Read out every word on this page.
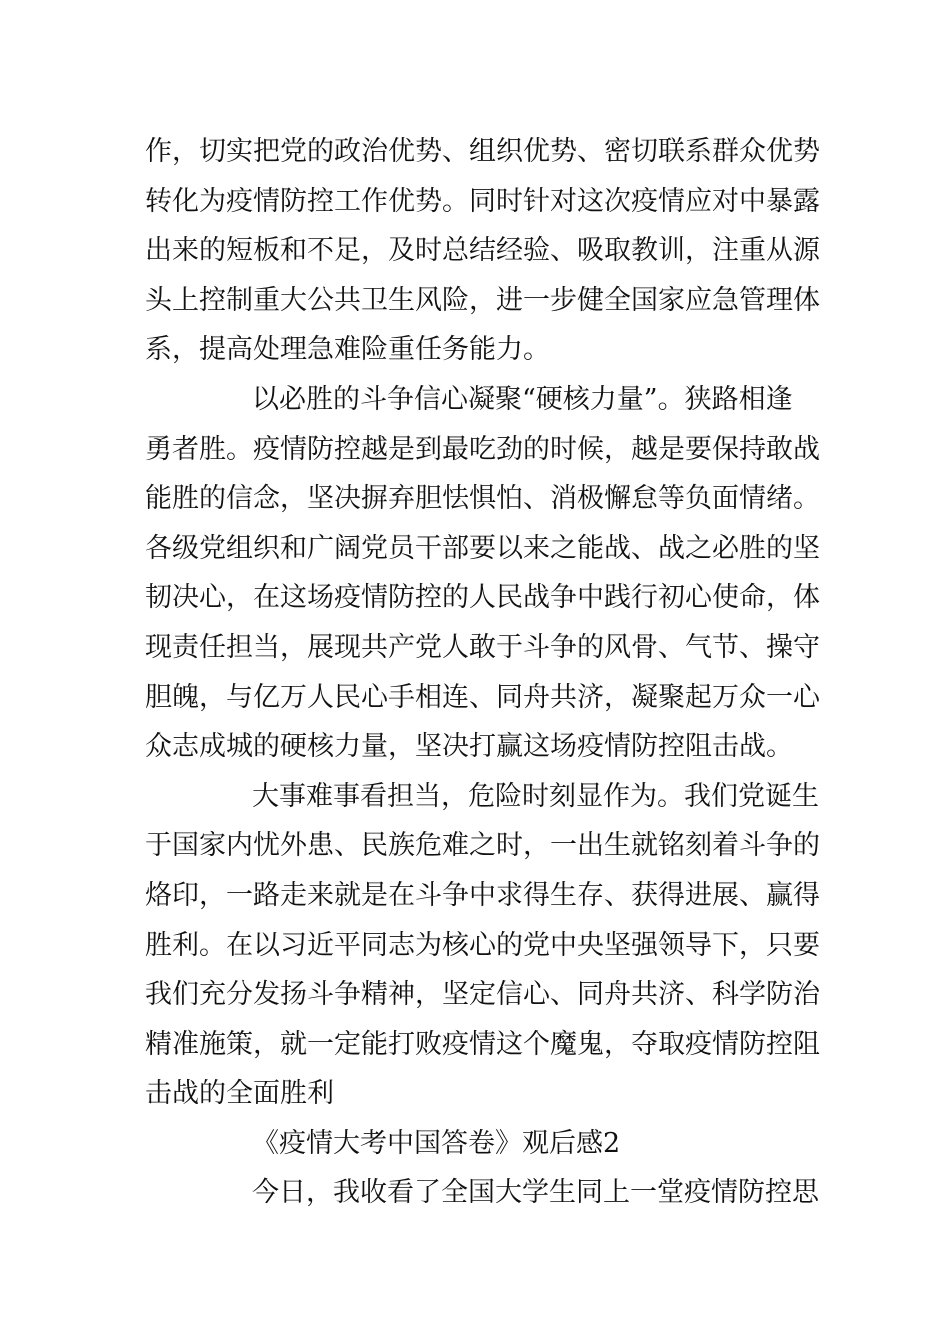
作，切实把党的政治优势、组织优势、密切联系群众优势
转化为疫情防控工作优势。同时针对这次疫情应对中暴露
出来的短板和不足，及时总结经验、吸取教训，注重从源
头上控制重大公共卫生风险，进一步健全国家应急管理体
系，提高处理急难险重任务能力。
以必胜的斗争信心凝聚“硬核力量”。狭路相逢
勇者胜。疫情防控越是到最吃劲的时候，越是要保持敢战
能胜的信念，坚决摒弃胆怯惧怕、消极懈怠等负面情绪。
各级党组织和广阔党员干部要以来之能战、战之必胜的坚
韧决心，在这场疫情防控的人民战争中践行初心使命，体
现责任担当，展现共产党人敢于斗争的风骨、气节、操守
胆魄，与亿万人民心手相连、同舟共济，凝聚起万众一心
众志成城的硬核力量，坚决打赢这场疫情防控阻击战。
大事难事看担当，危险时刻显作为。我们党诞生
于国家内忧外患、民族危难之时，一出生就铭刻着斗争的
烙印，一路走来就是在斗争中求得生存、获得进展、赢得
胜利。在以习近平同志为核心的党中央坚强领导下，只要
我们充分发扬斗争精神，坚定信心、同舟共济、科学防治
精准施策，就一定能打败疫情这个魔鬼，夺取疫情防控阻
击战的全面胜利
《疫情大考中国答卷》观后感2
今日，我收看了全国大学生同上一堂疫情防控思
